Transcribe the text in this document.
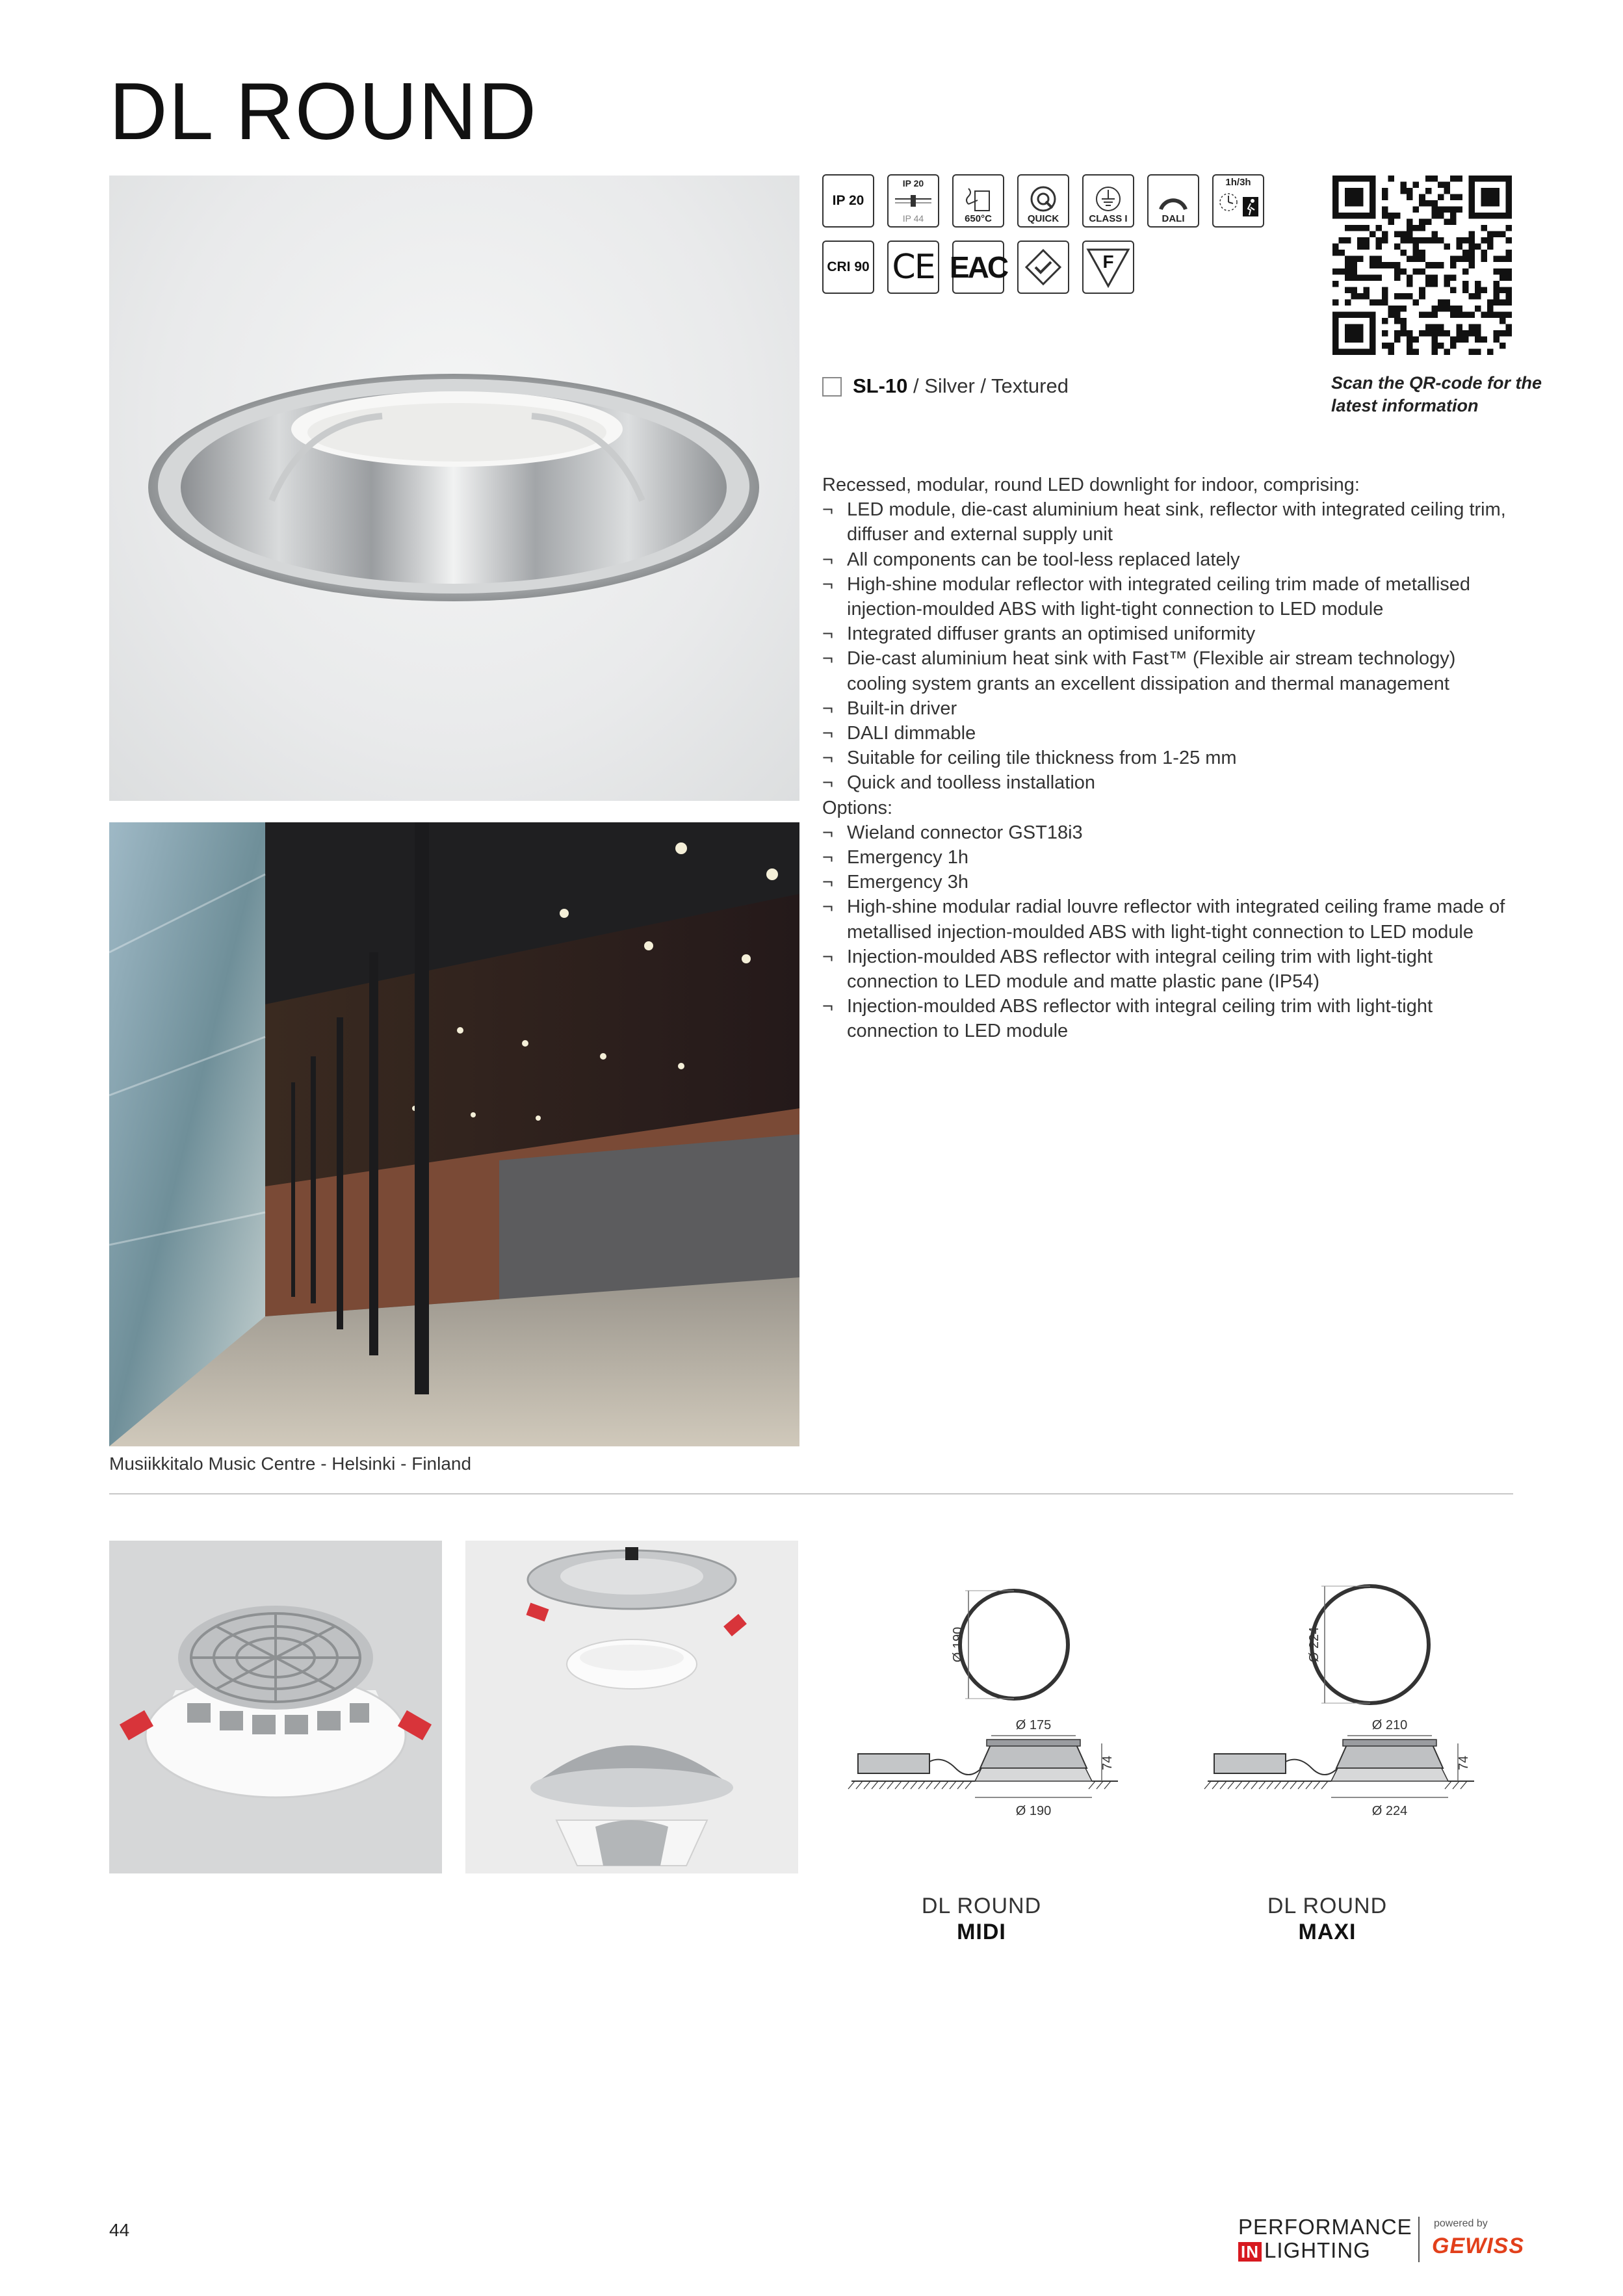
DL ROUND
Musiikkitalo Music Centre - Helsinki - Finland
IP 20
IP 20
IP 44	650°C	QUICK	CLASS I	DALI
1h/3h
CRI 90 CE EAC	F
SL-10 / Silver / Textured	Scan the QR-code for the latest information
Recessed, modular, round LED downlight for indoor, comprising:
¬ LED module, die-cast aluminium heat sink, reflector with integrated ceiling trim, diffuser and external supply unit
¬ All components can be tool-less replaced lately
¬ High-shine modular reflector with integrated ceiling trim made of metallised injection-moulded ABS with light-tight connection to LED module
¬ Integrated diffuser grants an optimised uniformity
¬ Die-cast aluminium heat sink with Fast™ (Flexible air stream technology) cooling system grants an excellent dissipation and thermal management
¬ Built-in driver
¬ DALI dimmable
¬ Suitable for ceiling tile thickness from 1-25 mm
¬ Quick and toolless installation
Options:
¬ Wieland connector GST18i3
¬ Emergency 1h
¬ Emergency 3h
¬ High-shine modular radial louvre reflector with integrated ceiling frame made of metallised injection-moulded ABS with light-tight connection to LED module
¬ Injection-moulded ABS reflector with integral ceiling trim with light-tight connection to LED module and matte plastic pane (IP54)
¬ Injection-moulded ABS reflector with integral ceiling trim with light-tight connection to LED module
Ø 190
Ø 175
74
Ø 190
DL ROUND
MIDI
Ø 224
Ø 210
74
Ø 224
DL ROUND
MAXI
44	PERFORMANCE
IN LIGHTING
powered by
GEWISS
